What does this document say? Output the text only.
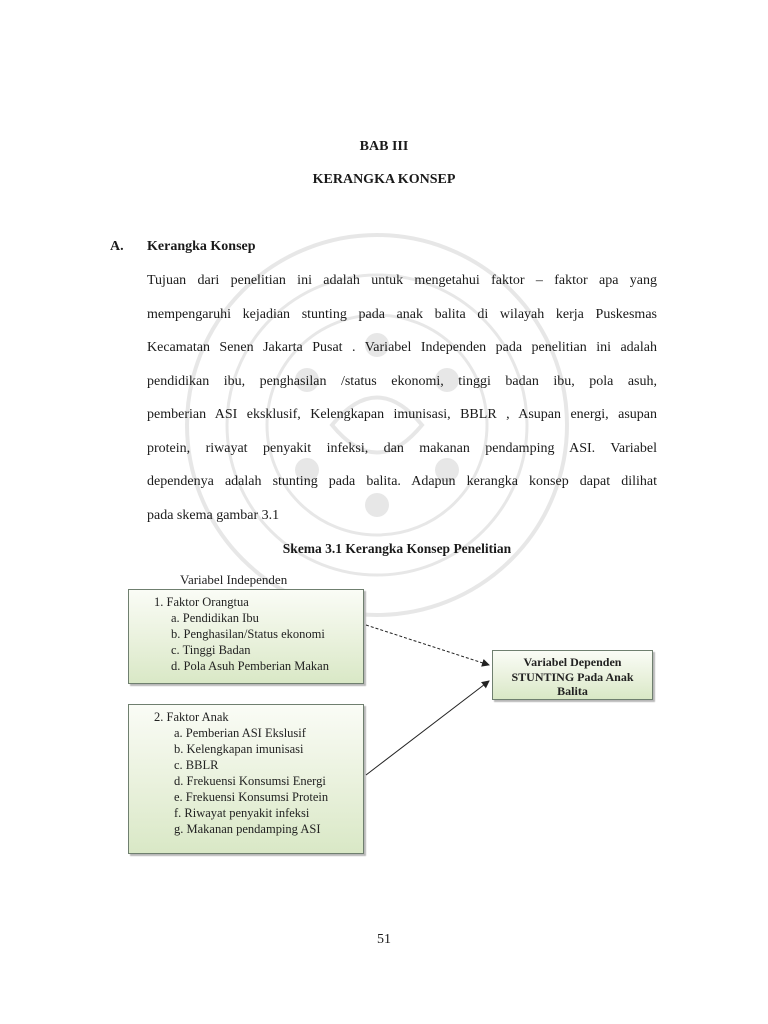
BAB III
KERANGKA KONSEP
A. Kerangka Konsep

Tujuan dari penelitian ini adalah untuk mengetahui faktor – faktor apa yang
mempengaruhi kejadian stunting pada anak balita di wilayah kerja Puskesmas
Kecamatan Senen Jakarta Pusat . Variabel Independen pada penelitian ini adalah
pendidikan ibu, penghasilan /status ekonomi, tinggi badan ibu, pola asuh,
pemberian ASI eksklusif, Kelengkapan imunisasi, BBLR , Asupan energi, asupan
protein, riwayat penyakit infeksi, dan makanan pendamping ASI. Variabel
dependenya adalah stunting pada balita. Adapun kerangka konsep dapat dilihat
pada skema gambar 3.1

Skema 3.1 Kerangka Konsep Penelitian
Variabel Independen
1. Faktor Orangtua
a. Pendidikan Ibu
b. Penghasilan/Status ekonomi
c. Tinggi Badan
d. Pola Asuh Pemberian Makan
2. Faktor Anak
a. Pemberian ASI Ekslusif
b. Kelengkapan imunisasi
c. BBLR
d. Frekuensi Konsumsi Energi
e. Frekuensi Konsumsi Protein
f. Riwayat penyakit infeksi
g. Makanan pendamping ASI
Variabel Dependen
STUNTING Pada Anak
Balita
51
